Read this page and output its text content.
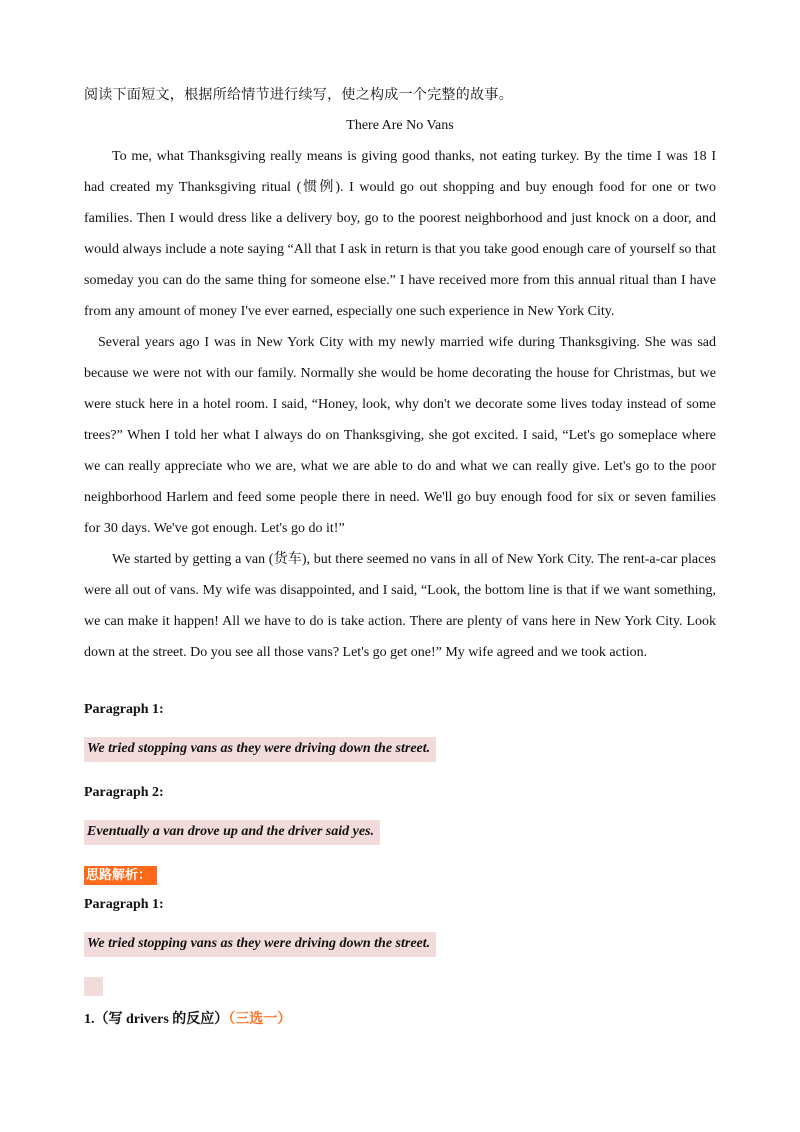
阅读下面短文，根据所给情节进行续写，使之构成一个完整的故事。
There Are No Vans

To me, what Thanksgiving really means is giving good thanks, not eating turkey. By the time I was 18 I had created my Thanksgiving ritual (惯例). I would go out shopping and buy enough food for one or two families. Then I would dress like a delivery boy, go to the poorest neighborhood and just knock on a door, and would always include a note saying “All that I ask in return is that you take good enough care of yourself so that someday you can do the same thing for someone else.” I have received more from this annual ritual than I have from any amount of money I've ever earned, especially one such experience in New York City.

Several years ago I was in New York City with my newly married wife during Thanksgiving. She was sad because we were not with our family. Normally she would be home decorating the house for Christmas, but we were stuck here in a hotel room. I said, “Honey, look, why don't we decorate some lives today instead of some trees?” When I told her what I always do on Thanksgiving, she got excited. I said, “Let's go someplace where we can really appreciate who we are, what we are able to do and what we can really give. Let's go to the poor neighborhood Harlem and feed some people there in need. We'll go buy enough food for six or seven families for 30 days. We've got enough. Let's go do it!”

We started by getting a van (货车), but there seemed no vans in all of New York City. The rent-a-car places were all out of vans. My wife was disappointed, and I said, “Look, the bottom line is that if we want something, we can make it happen! All we have to do is take action. There are plenty of vans here in New York City. Look down at the street. Do you see all those vans? Let's go get one!” My wife agreed and we took action.

Paragraph 1:
We tried stopping vans as they were driving down the street.
Paragraph 2:
Eventually a van drove up and the driver said yes.
思路解析：
Paragraph 1:
We tried stopping vans as they were driving down the street.
1.（写 drivers 的反应）（三选一）
